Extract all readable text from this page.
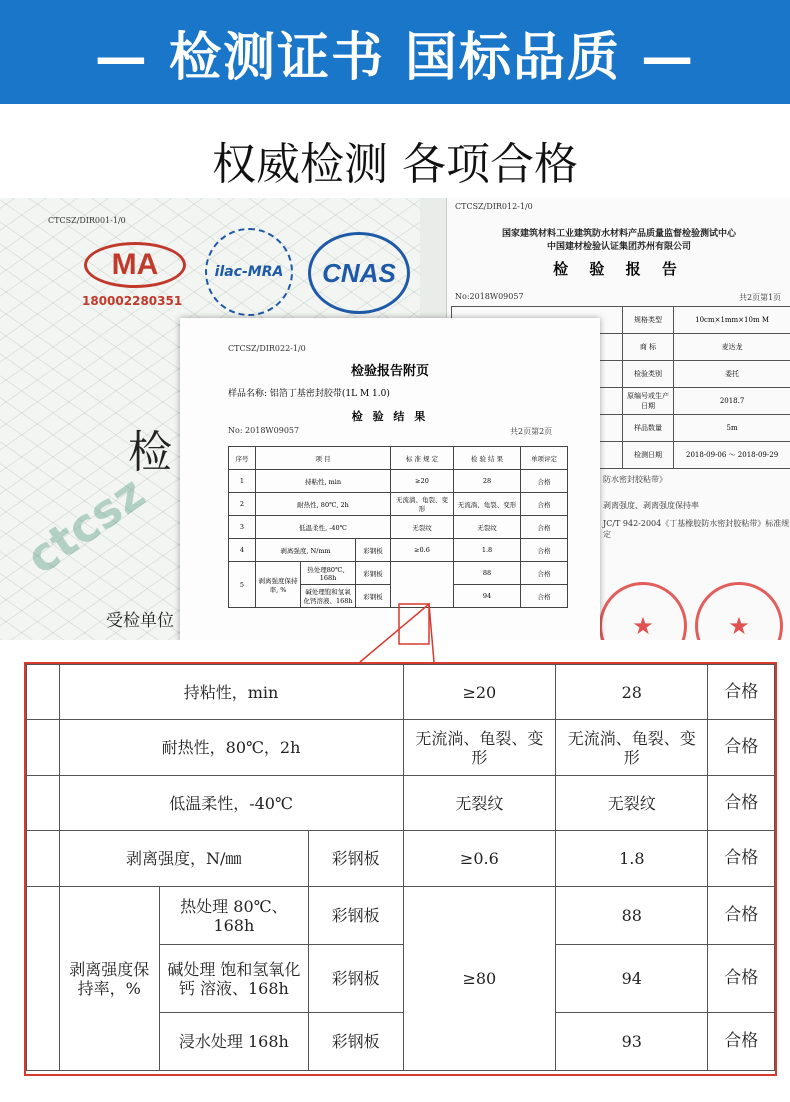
— 检测证书 国标品质 —
权威检测 各项合格
CTCSZ/DIR001-1/0
MA
180002280351
ilac-MRA CNAS
检
ctcsz
受检单位
CTCSZ/DIR012-1/0
国家建筑材料工业建筑防水材料产品质量监督检验测试中心
中国建材检验认证集团苏州有限公司
检 验 报 告
No:2018W09057	共2页第1页
	规格类型	10cm×1mm×10m M
	商 标	麦达龙
	检验类别	委托
	原编号或生产日期	2018.7
	样品数量	5m
	检测日期	2018-09-06 ～ 2018-09-29
防水密封胶粘带》
剥离强度、剥离强度保持率
JC/T 942-2004《丁基橡胶防水密封胶粘带》标准规定
★	★
CTCSZ/DIR022-1/0
检验报告附页
样品名称: 铝箔丁基密封胶带(1L M 1.0)
检 验 结 果
No: 2018W09057	共2页第2页
序号	项 目			标 准 规 定	检 验 结 果	单项评定
1	持粘性, min			≥20	28	合格
2	耐热性, 80℃, 2h			无流淌、龟裂、变形	无流淌、龟裂、变形	合格
3	低温柔性, -40℃			无裂纹	无裂纹	合格
4	剥离强度, N/mm		彩钢板	≥0.6	1.8	合格
5	剥离强度保持率, %	热处理80℃、168h	彩钢板		88	合格
		碱处理饱和氢氧化钙溶液、168h	彩钢板		94	合格
	持粘性，min			≥20	28	合格
	耐热性，80℃，2h			无流淌、龟裂、变形	无流淌、龟裂、变形	合格
	低温柔性，-40℃			无裂纹	无裂纹	合格
	剥离强度，N/㎜		彩钢板	≥0.6	1.8	合格
	剥离强度保持率，%	热处理 80℃、168h	彩钢板	≥80	88	合格
		碱处理 饱和氢氧化钙 溶液、168h	彩钢板		94	合格
		浸水处理 168h	彩钢板		93	合格
